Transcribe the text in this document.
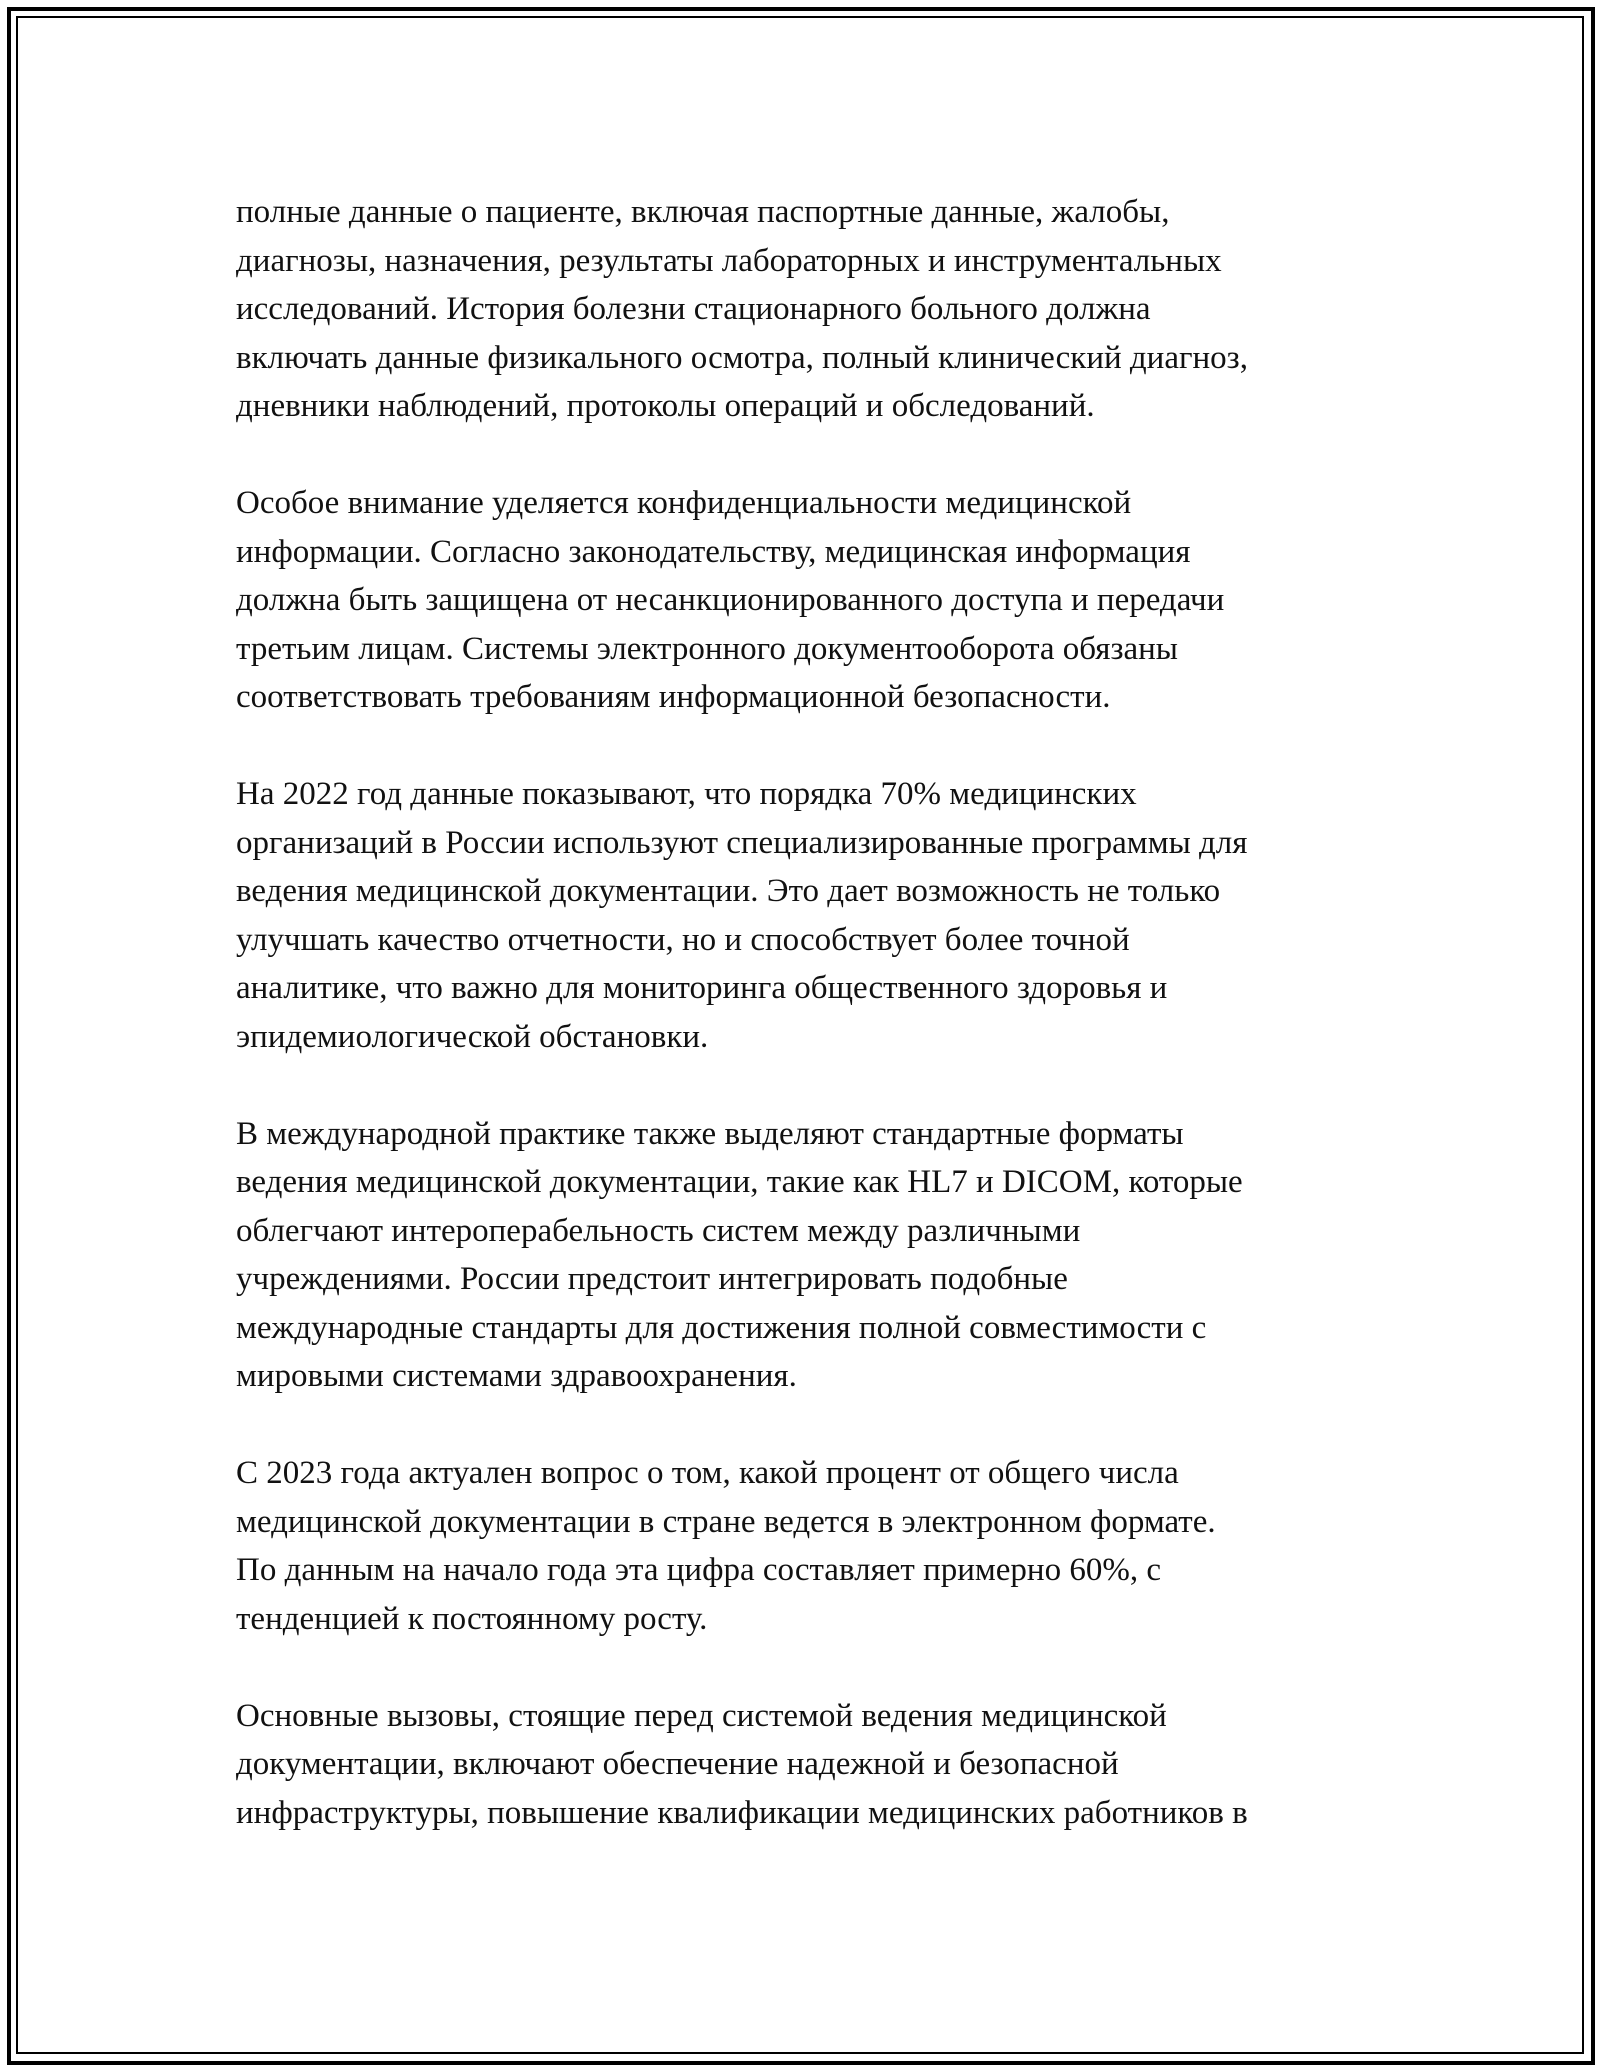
полные данные о пациенте, включая паспортные данные, жалобы,
диагнозы, назначения, результаты лабораторных и инструментальных
исследований. История болезни стационарного больного должна
включать данные физикального осмотра, полный клинический диагноз,
дневники наблюдений, протоколы операций и обследований.

Особое внимание уделяется конфиденциальности медицинской
информации. Согласно законодательству, медицинская информация
должна быть защищена от несанкционированного доступа и передачи
третьим лицам. Системы электронного документооборота обязаны
соответствовать требованиям информационной безопасности.

На 2022 год данные показывают, что порядка 70% медицинских
организаций в России используют специализированные программы для
ведения медицинской документации. Это дает возможность не только
улучшать качество отчетности, но и способствует более точной
аналитике, что важно для мониторинга общественного здоровья и
эпидемиологической обстановки.

В международной практике также выделяют стандартные форматы
ведения медицинской документации, такие как HL7 и DICOM, которые
облегчают интероперабельность систем между различными
учреждениями. России предстоит интегрировать подобные
международные стандарты для достижения полной совместимости с
мировыми системами здравоохранения.

С 2023 года актуален вопрос о том, какой процент от общего числа
медицинской документации в стране ведется в электронном формате.
По данным на начало года эта цифра составляет примерно 60%, с
тенденцией к постоянному росту.

Основные вызовы, стоящие перед системой ведения медицинской
документации, включают обеспечение надежной и безопасной
инфраструктуры, повышение квалификации медицинских работников в
